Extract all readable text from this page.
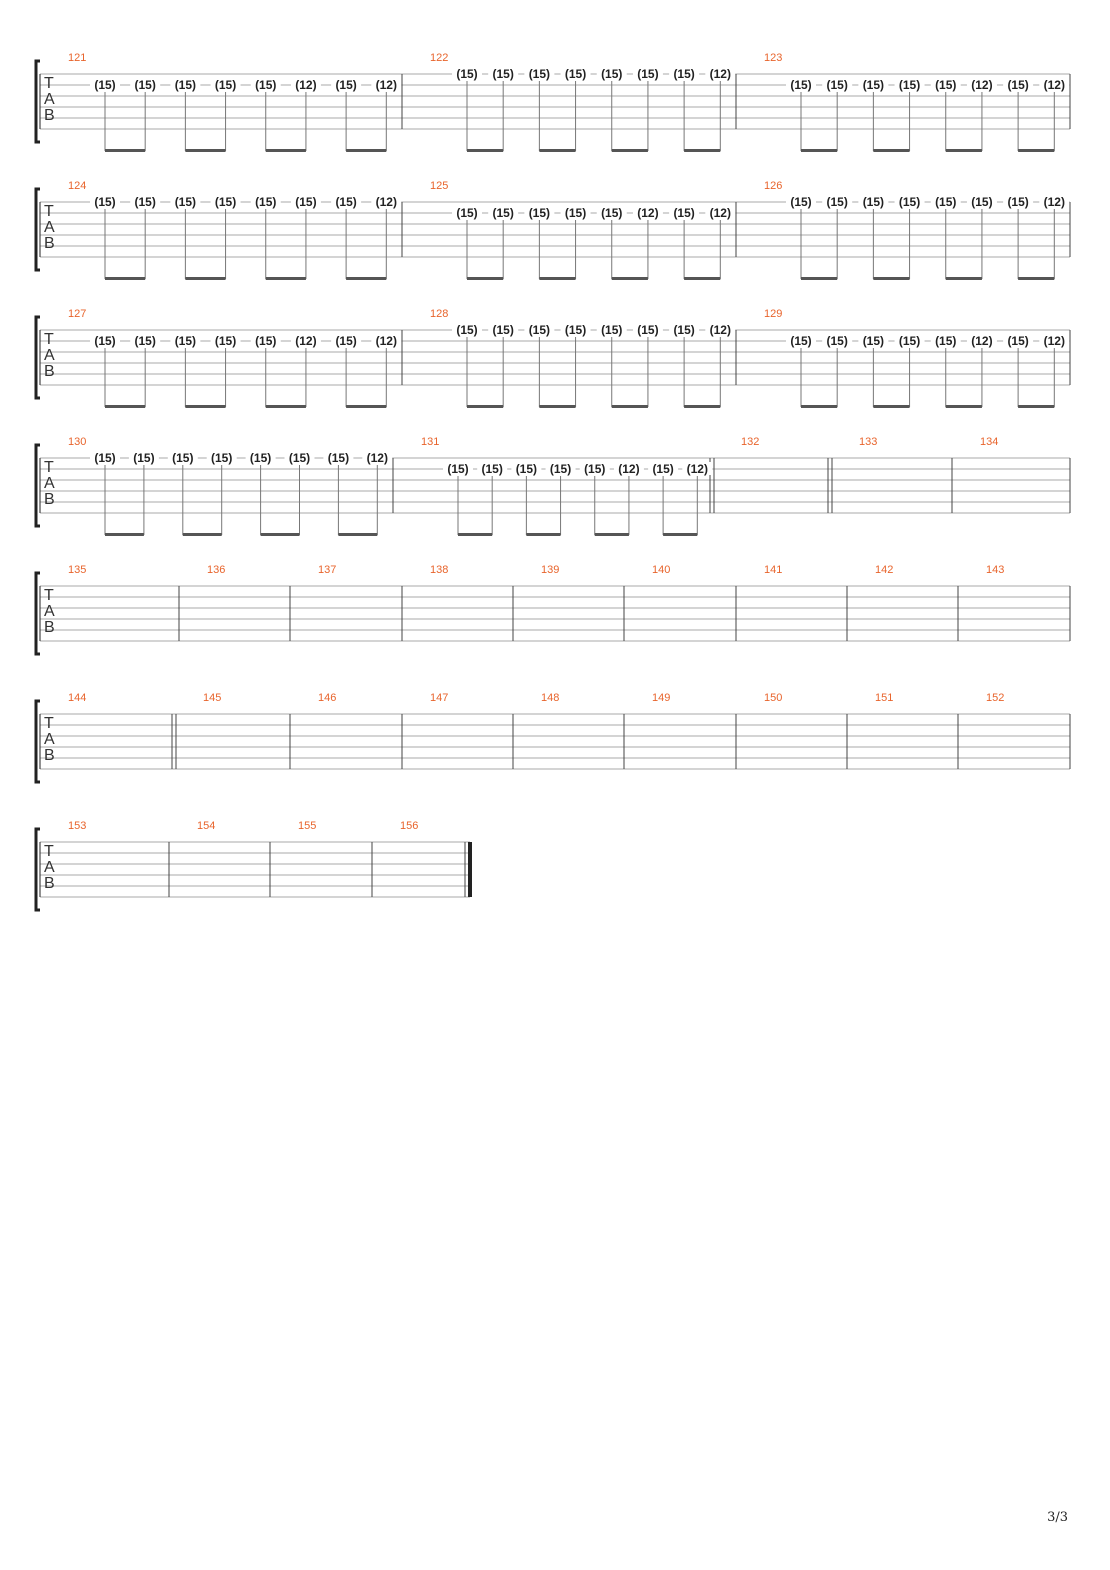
T
A
B
121
(15) (15) (15) (15) (15) (12) (15) (12)
122
(15) (15) (15) (15) (15) (15) (15) (12)
123
(15) (15) (15) (15) (15) (12) (15) (12)
T
A
B
124
(15) (15) (15) (15) (15) (15) (15) (12)
125
(15) (15) (15) (15) (15) (12) (15) (12)
126
(15) (15) (15) (15) (15) (15) (15) (12)
T
A
B
127
(15) (15) (15) (15) (15) (12) (15) (12)
128
(15) (15) (15) (15) (15) (15) (15) (12)
129
(15) (15) (15) (15) (15) (12) (15) (12)
T
A
B
130
(15) (15) (15) (15) (15) (15) (15) (12)
131
(15) (15) (15) (15) (15) (12) (15) (12)
132	133	134
T
A
B
135	136	137	138	139	140	141	142	143
T
A
B
144	145	146	147	148	149	150	151	152
T
A
B
153	154	155	156
3/3
